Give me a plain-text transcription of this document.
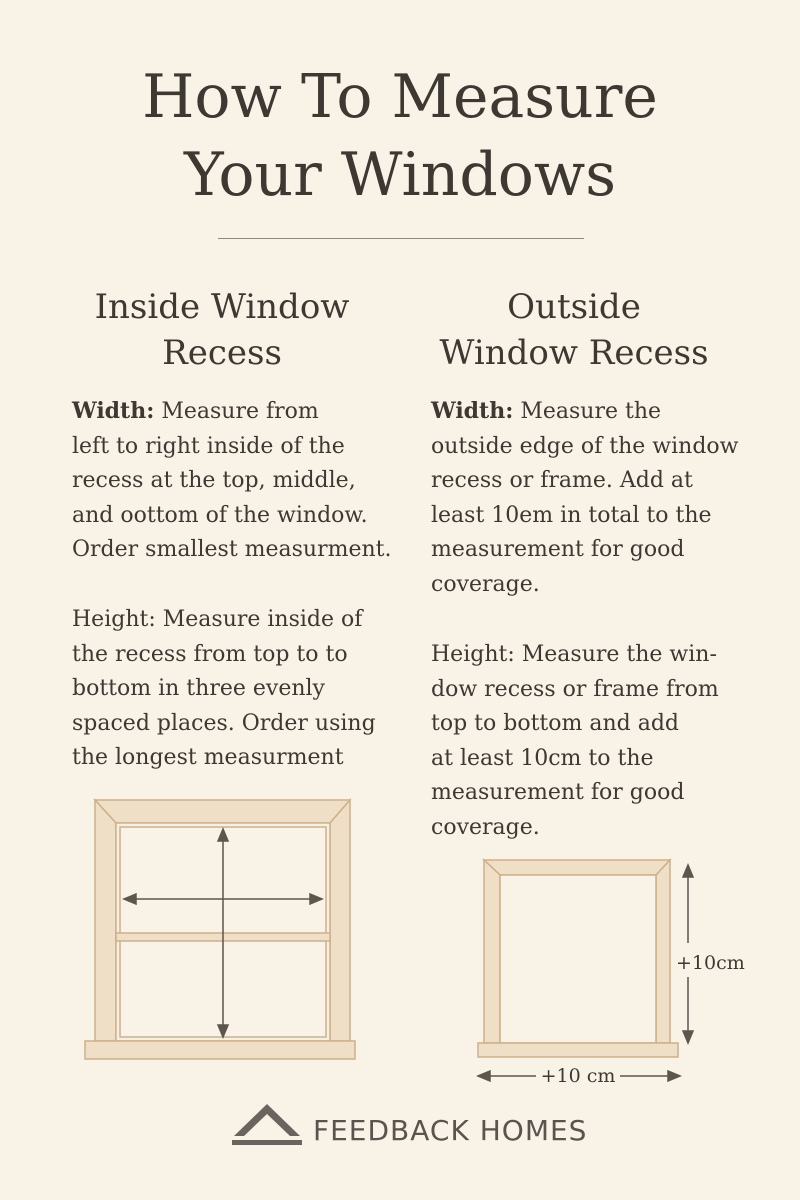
How To Measure
Your Windows
Inside Window
Recess
Outside
Window Recess

Width: Measure from
left to right inside of the
recess at the top, middle,
and oottom of the window.
Order smallest measurment.

Height: Measure inside of
the recess from top to to
bottom in three evenly
spaced places. Order using
the longest measurment

Width: Measure the
outside edge of the window
recess or frame. Add at
least 10em in total to the
measurement for good
coverage.

Height: Measure the win-
dow recess or frame from
top to bottom and add
at least 10cm to the
measurement for good
coverage.

+10cm
+10 cm
FEEDBACK HOMES
